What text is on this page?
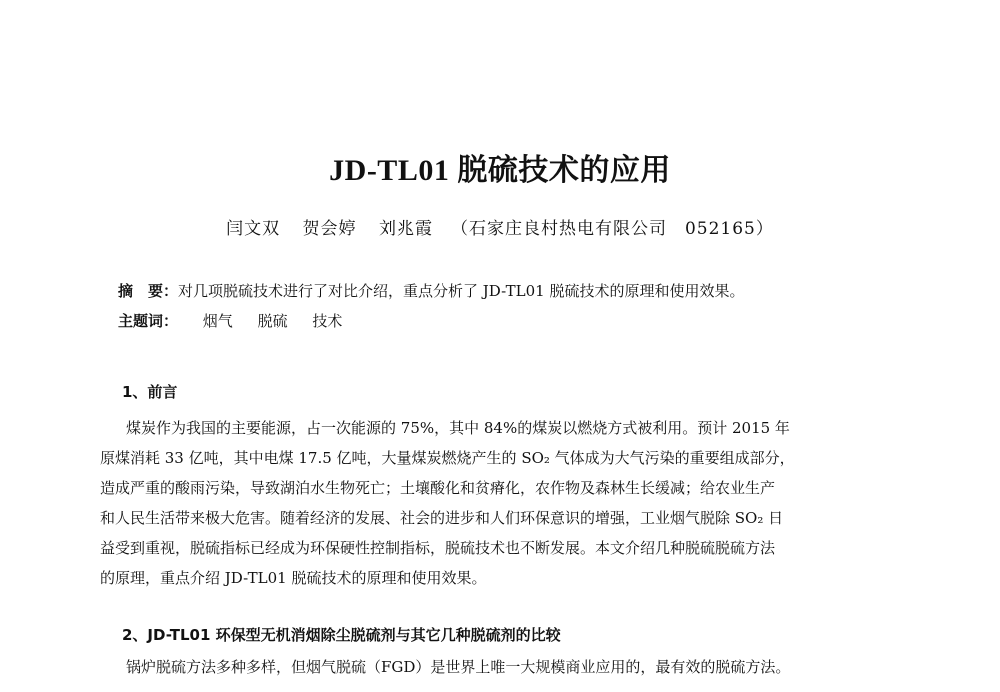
JD-TL01 脱硫技术的应用
闫文双 贺会婷 刘兆霞 （石家庄良村热电有限公司　052165）
摘　要：对几项脱硫技术进行了对比介绍，重点分析了 JD-TL01 脱硫技术的原理和使用效果。
主题词： 烟气 脱硫 技术
1、前言
煤炭作为我国的主要能源，占一次能源的 75%，其中 84%的煤炭以燃烧方式被利用。预计 2015 年
原煤消耗 33 亿吨，其中电煤 17.5 亿吨，大量煤炭燃烧产生的 SO₂ 气体成为大气污染的重要组成部分，
造成严重的酸雨污染，导致湖泊水生物死亡；土壤酸化和贫瘠化，农作物及森林生长缓减；给农业生产
和人民生活带来极大危害。随着经济的发展、社会的进步和人们环保意识的增强，工业烟气脱除 SO₂ 日
益受到重视，脱硫指标已经成为环保硬性控制指标，脱硫技术也不断发展。本文介绍几种脱硫脱硫方法
的原理，重点介绍 JD-TL01 脱硫技术的原理和使用效果。
2、JD-TL01 环保型无机消烟除尘脱硫剂与其它几种脱硫剂的比较
锅炉脱硫方法多种多样，但烟气脱硫（FGD）是世界上唯一大规模商业应用的，最有效的脱硫方法。
